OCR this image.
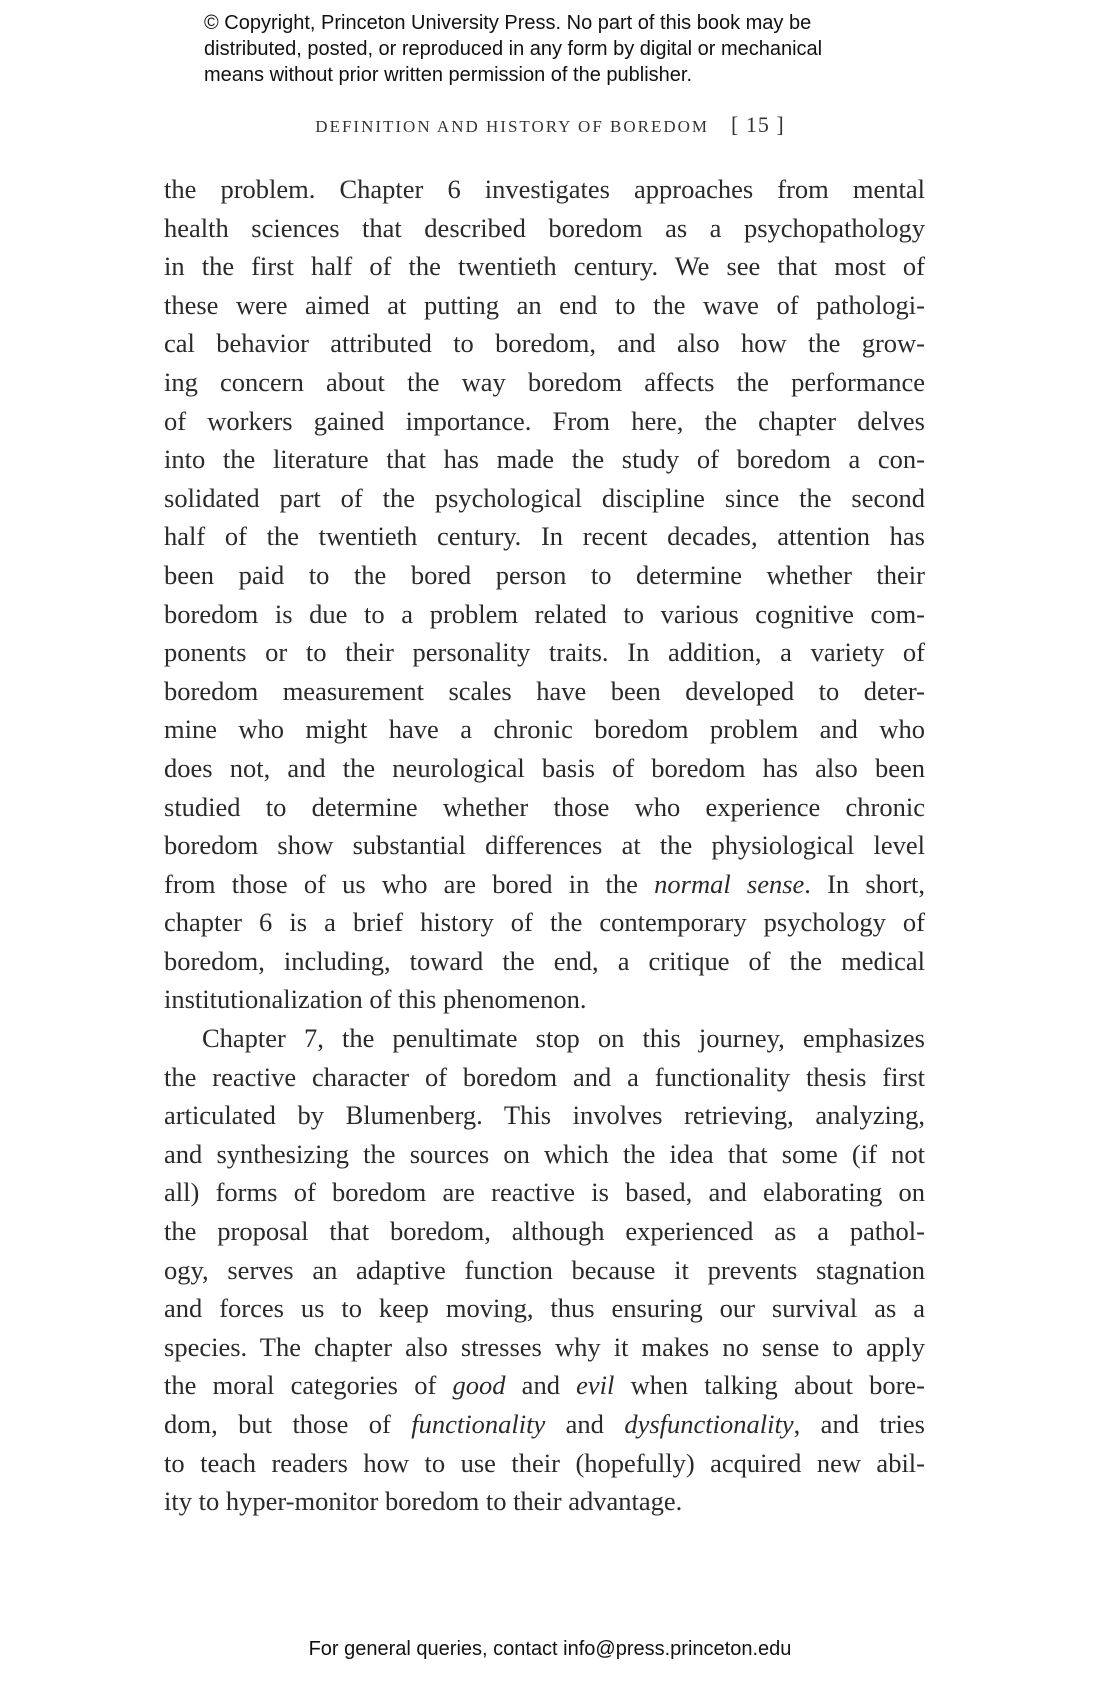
© Copyright, Princeton University Press. No part of this book may be
distributed, posted, or reproduced in any form by digital or mechanical
means without prior written permission of the publisher.
DEFINITION AND HISTORY OF BOREDOM [ 15 ]
the problem. Chapter 6 investigates approaches from mental
health sciences that described boredom as a psychopathology
in the first half of the twentieth century. We see that most of
these were aimed at putting an end to the wave of pathologi-
cal behavior attributed to boredom, and also how the grow-
ing concern about the way boredom affects the performance
of workers gained importance. From here, the chapter delves
into the literature that has made the study of boredom a con-
solidated part of the psychological discipline since the second
half of the twentieth century. In recent decades, attention has
been paid to the bored person to determine whether their
boredom is due to a problem related to various cognitive com-
ponents or to their personality traits. In addition, a variety of
boredom measurement scales have been developed to deter-
mine who might have a chronic boredom problem and who
does not, and the neurological basis of boredom has also been
studied to determine whether those who experience chronic
boredom show substantial differences at the physiological level
from those of us who are bored in the normal sense. In short,
chapter 6 is a brief history of the contemporary psychology of
boredom, including, toward the end, a critique of the medical
institutionalization of this phenomenon.
Chapter 7, the penultimate stop on this journey, emphasizes
the reactive character of boredom and a functionality thesis first
articulated by Blumenberg. This involves retrieving, analyzing,
and synthesizing the sources on which the idea that some (if not
all) forms of boredom are reactive is based, and elaborating on
the proposal that boredom, although experienced as a pathol-
ogy, serves an adaptive function because it prevents stagnation
and forces us to keep moving, thus ensuring our survival as a
species. The chapter also stresses why it makes no sense to apply
the moral categories of good and evil when talking about bore-
dom, but those of functionality and dysfunctionality, and tries
to teach readers how to use their (hopefully) acquired new abil-
ity to hyper-monitor boredom to their advantage.
For general queries, contact info@press.princeton.edu
